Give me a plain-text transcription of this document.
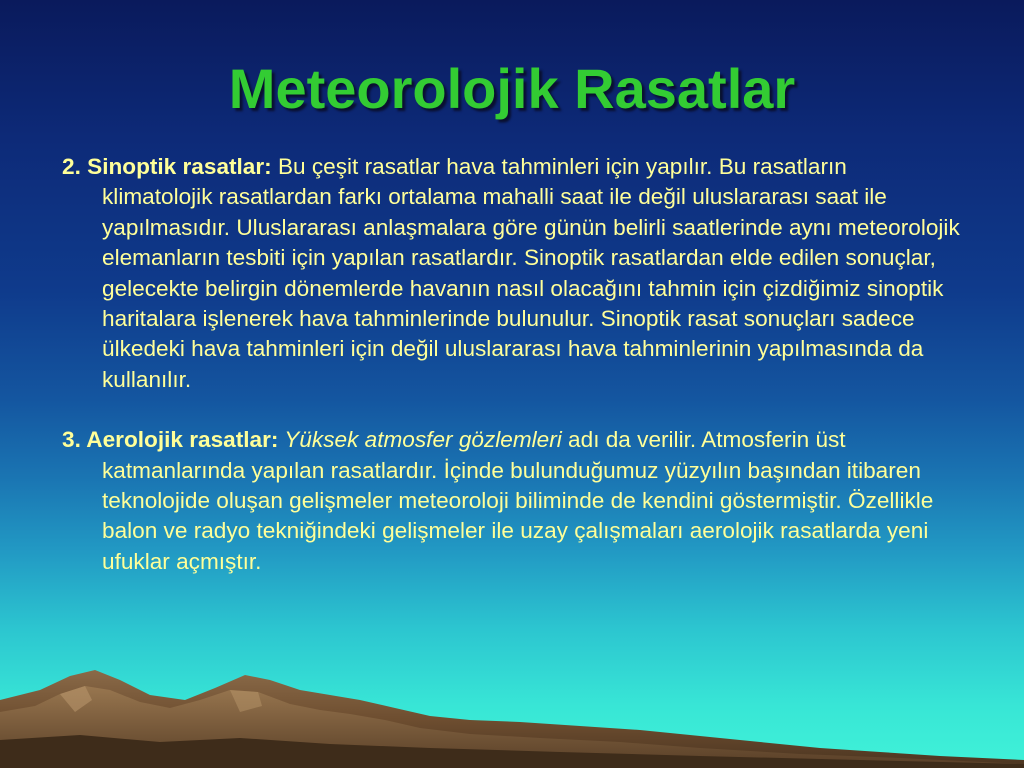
Meteorolojik Rasatlar

2. Sinoptik rasatlar: Bu çeşit rasatlar hava tahminleri için yapılır. Bu rasatların klimatolojik rasatlardan farkı ortalama mahalli saat ile değil uluslararası saat ile yapılmasıdır. Uluslararası anlaşmalara göre günün belirli saatlerinde aynı meteorolojik elemanların tesbiti için yapılan rasatlardır. Sinoptik rasatlardan elde edilen sonuçlar, gelecekte belirgin dönemlerde havanın nasıl olacağını tahmin için çizdiğimiz sinoptik haritalara işlenerek hava tahminlerinde bulunulur. Sinoptik rasat sonuçları sadece ülkedeki hava tahminleri için değil uluslararası hava tahminlerinin yapılmasında da kullanılır.

3. Aerolojik rasatlar: Yüksek atmosfer gözlemleri adı da verilir. Atmosferin üst katmanlarında yapılan rasatlardır. İçinde bulunduğumuz yüzyılın başından itibaren teknolojide oluşan gelişmeler meteoroloji biliminde de kendini göstermiştir. Özellikle balon ve radyo tekniğindeki gelişmeler ile uzay çalışmaları aerolojik rasatlarda yeni ufuklar açmıştır.
